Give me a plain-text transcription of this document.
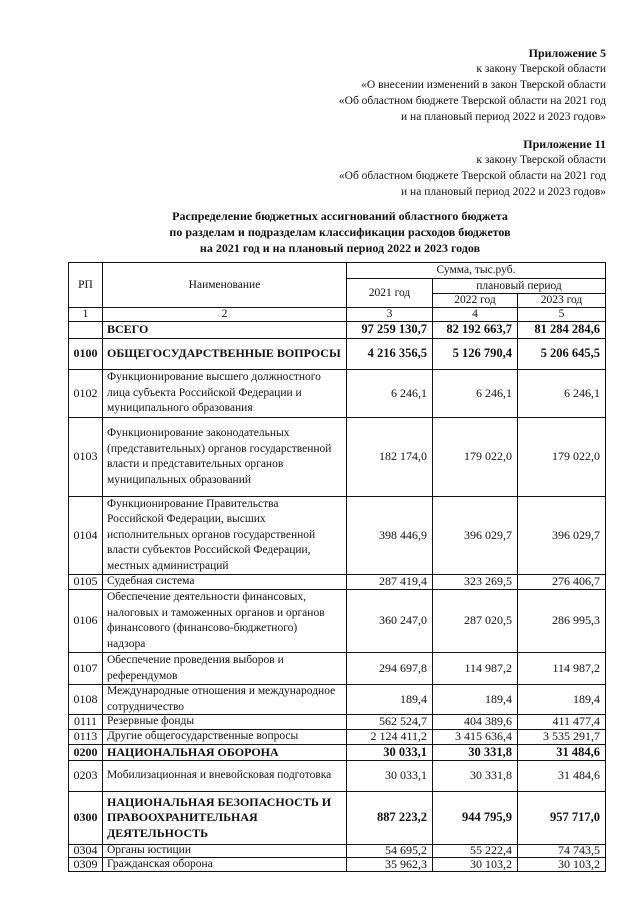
Приложение 5
к закону Тверской области
«О внесении изменений в закон Тверской области
«Об областном бюджете Тверской области на 2021 год
и на плановый период 2022 и 2023 годов»
Приложение 11
к закону Тверской области
«Об областном бюджете Тверской области на 2021 год
и на плановый период 2022 и 2023 годов»
Распределение бюджетных ассигнований областного бюджета
по разделам и подразделам классификации расходов бюджетов
на 2021 год и на плановый период 2022 и 2023 годов
РП	Наименование
Сумма, тыс.руб.
2021 год
плановый период
2022 год	2023 год
1	2	3	4	5
ВСЕГО	97 259 130,7	82 192 663,7	81 284 284,6
0100 ОБЩЕГОСУДАРСТВЕННЫЕ ВОПРОСЫ	4 216 356,5	5 126 790,4	5 206 645,5
0102
Функционирование высшего должностного
лица субъекта Российской Федерации и
муниципального образования
6 246,1	6 246,1	6 246,1
0103
Функционирование законодательных
(представительных) органов государственной
власти и представительных органов
муниципальных образований
182 174,0	179 022,0	179 022,0
0104
Функционирование Правительства
Российской Федерации, высших
исполнительных органов государственной
власти субъектов Российской Федерации,
местных администраций
398 446,9	396 029,7	396 029,7
0105 Судебная система	287 419,4	323 269,5	276 406,7
0106
Обеспечение деятельности финансовых,
налоговых и таможенных органов и органов
финансового (финансово-бюджетного)
надзора
360 247,0	287 020,5	286 995,3
0107
Обеспечение проведения выборов и
референдумов
294 697,8	114 987,2	114 987,2
0108
Международные отношения и международное
сотрудничество
189,4	189,4	189,4
0111 Резервные фонды	562 524,7	404 389,6	411 477,4
0113 Другие общегосударственные вопросы	2 124 411,2	3 415 636,4	3 535 291,7
0200 НАЦИОНАЛЬНАЯ ОБОРОНА	30 033,1	30 331,8	31 484,6
0203 Мобилизационная и вневойсковая подготовка	30 033,1	30 331,8	31 484,6
0300
НАЦИОНАЛЬНАЯ БЕЗОПАСНОСТЬ И
ПРАВООХРАНИТЕЛЬНАЯ
ДЕЯТЕЛЬНОСТЬ
887 223,2	944 795,9	957 717,0
0304 Органы юстиции	54 695,2	55 222,4	74 743,5
0309 Гражданская оборона	35 962,3	30 103,2	30 103,2
